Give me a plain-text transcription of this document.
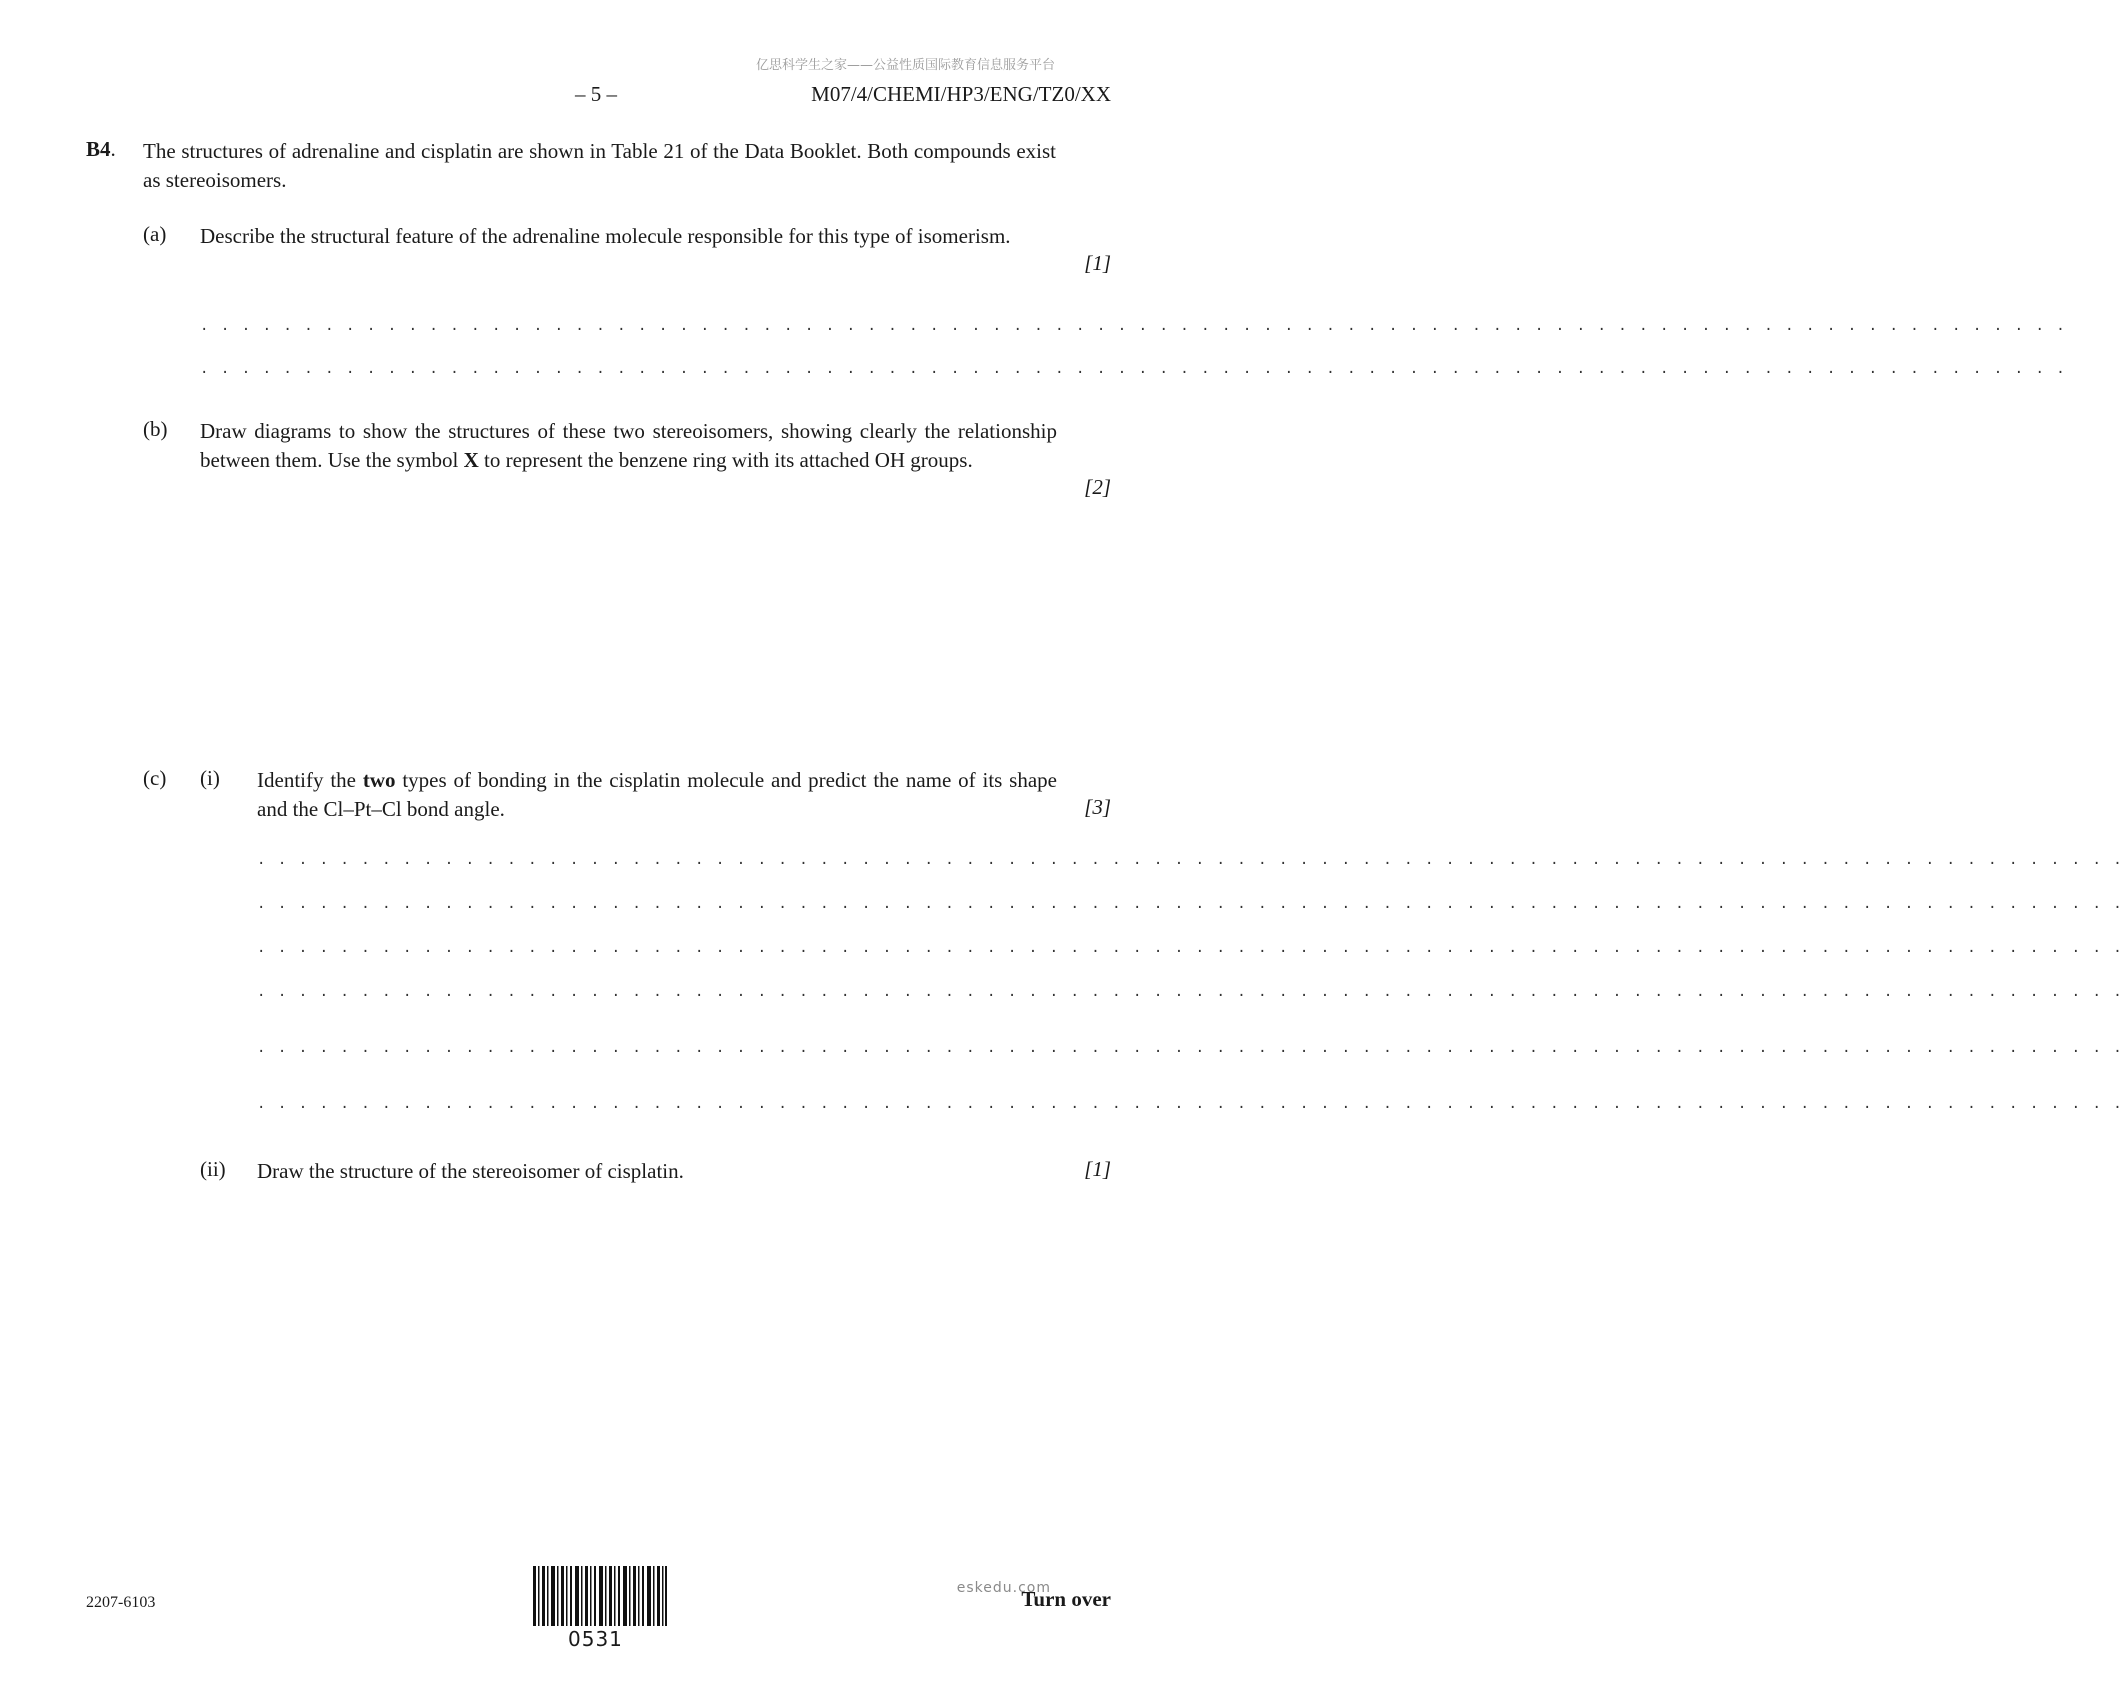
亿思科学生之家——公益性质国际教育信息服务平台
– 5 –	M07/4/CHEMI/HP3/ENG/TZ0/XX
B4. The structures of adrenaline and cisplatin are shown in Table 21 of the Data Booklet. Both compounds exist as stereoisomers.
(a) Describe the structural feature of the adrenaline molecule responsible for this type of isomerism.
[1]
. . . . . . . . . . . . . . . . . . . . . . . . . . . . . . . . . . . . . . . . . . . . . . . . . . . . . . . . . . . . . . . . . . . . . . . . . . . . . . . . . . . . . . . . . .
. . . . . . . . . . . . . . . . . . . . . . . . . . . . . . . . . . . . . . . . . . . . . . . . . . . . . . . . . . . . . . . . . . . . . . . . . . . . . . . . . . . . . . . . . .
(b) Draw diagrams to show the structures of these two stereoisomers, showing clearly the relationship between them. Use the symbol X to represent the benzene ring with its attached OH groups.
[2]
(c) (i) Identify the two types of bonding in the cisplatin molecule and predict the name of its shape and the Cl–Pt–Cl bond angle.	[3]
. . . . . . . . . . . . . . . . . . . . . . . . . . . . . . . . . . . . . . . . . . . . . . . . . . . . . . . . . . . . . . . . . . . . . . . . . . . . . . . . . . . . . . . . . .
. . . . . . . . . . . . . . . . . . . . . . . . . . . . . . . . . . . . . . . . . . . . . . . . . . . . . . . . . . . . . . . . . . . . . . . . . . . . . . . . . . . . . . . . . .
. . . . . . . . . . . . . . . . . . . . . . . . . . . . . . . . . . . . . . . . . . . . . . . . . . . . . . . . . . . . . . . . . . . . . . . . . . . . . . . . . . . . . . . . . .
. . . . . . . . . . . . . . . . . . . . . . . . . . . . . . . . . . . . . . . . . . . . . . . . . . . . . . . . . . . . . . . . . . . . . . . . . . . . . . . . . . . . . . . . . .
. . . . . . . . . . . . . . . . . . . . . . . . . . . . . . . . . . . . . . . . . . . . . . . . . . . . . . . . . . . . . . . . . . . . . . . . . . . . . . . . . . . . . . . . . .
. . . . . . . . . . . . . . . . . . . . . . . . . . . . . . . . . . . . . . . . . . . . . . . . . . . . . . . . . . . . . . . . . . . . . . . . . . . . . . . . . . . . . . . . . .
(ii) Draw the structure of the stereoisomer of cisplatin.	[1]
2207-6103
0531
eskedu.com
Turn over
